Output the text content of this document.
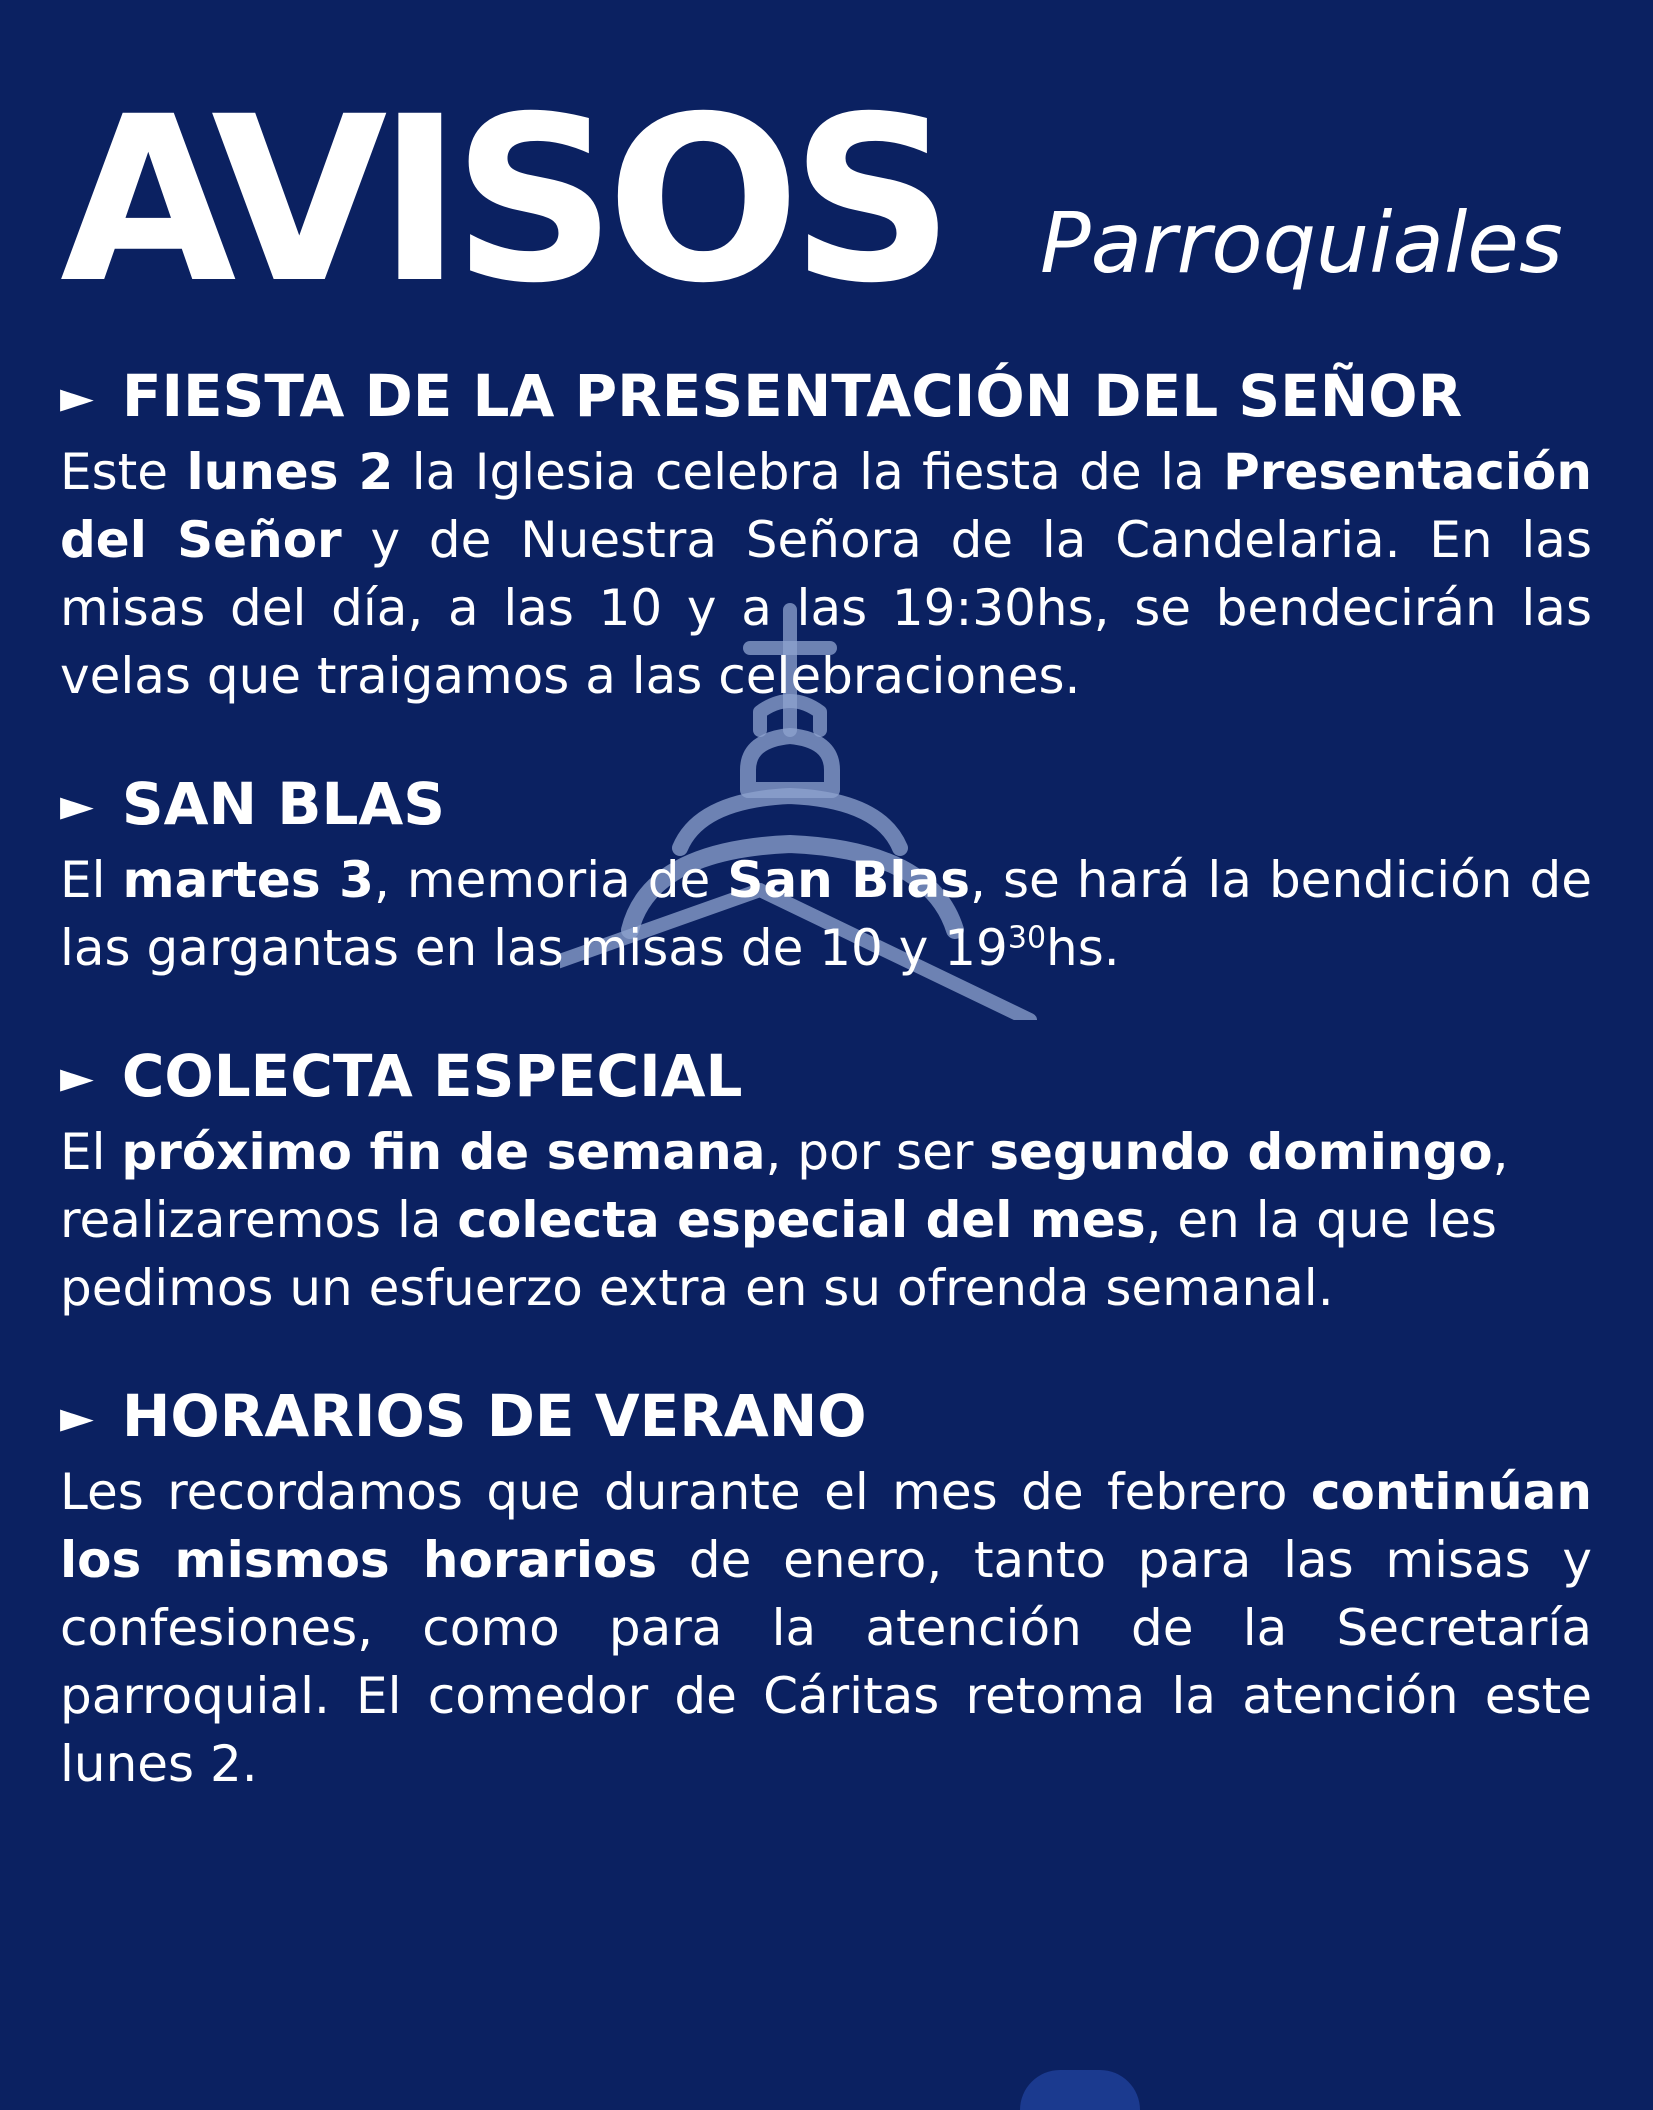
AVISOS Parroquiales
► FIESTA DE LA PRESENTACIÓN DEL SEÑOR

Este lunes 2 la Iglesia celebra la fiesta de la Presentación del Señor y de Nuestra Señora de la Candelaria. En las misas del día, a las 10 y a las 19:30hs, se bendecirán las velas que traigamos a las celebraciones.

► SAN BLAS

El martes 3, memoria de San Blas, se hará la bendición de las gargantas en las misas de 10 y $19^{30}hs$.

► COLECTA ESPECIAL

El próximo fin de semana, por ser segundo domingo, realizaremos la colecta especial del mes, en la que les pedimos un esfuerzo extra en su ofrenda semanal.

► HORARIOS DE VERANO

Les recordamos que durante el mes de febrero continúan los mismos horarios de enero, tanto para las misas y confesiones, como para la atención de la Secretaría parroquial. El comedor de Cáritas retoma la atención este lunes 2.
